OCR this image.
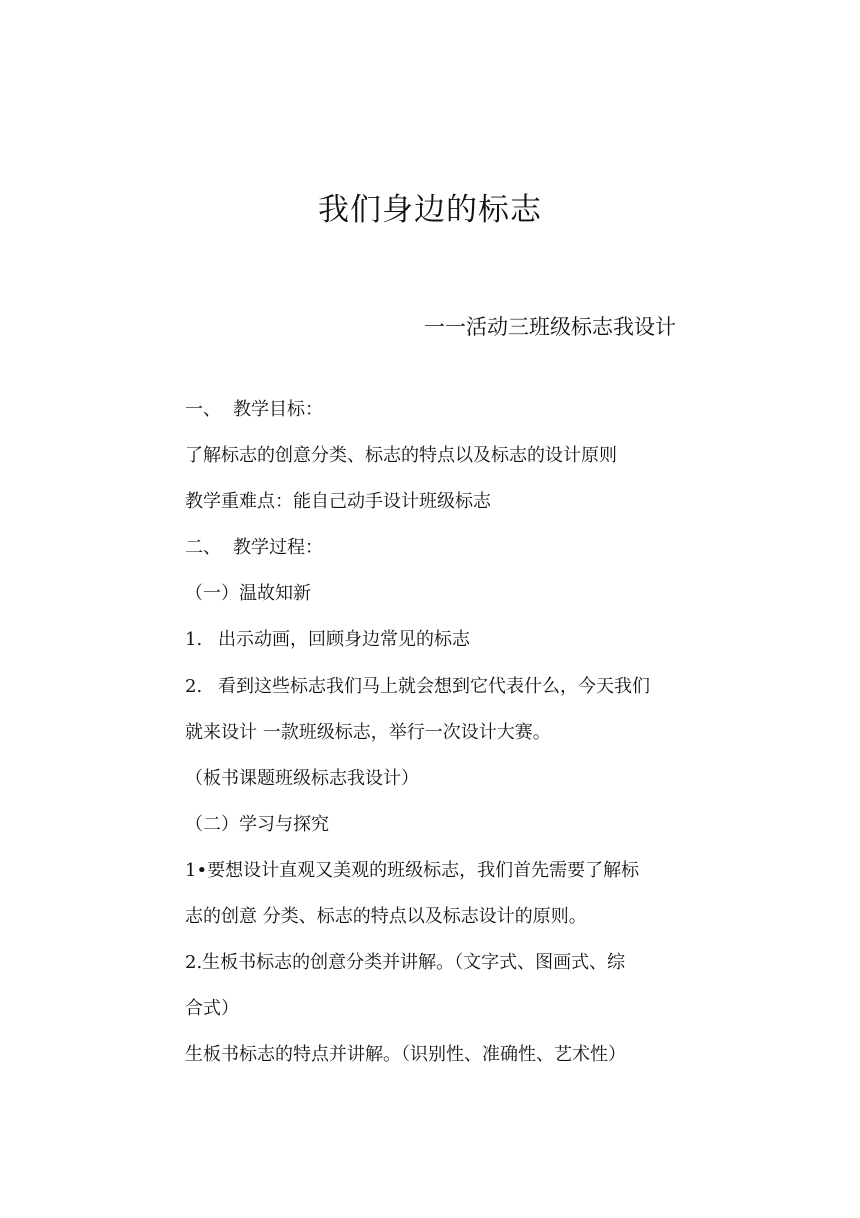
我们身边的标志
一一活动三班级标志我设计
一、 教学目标：
了解标志的创意分类、标志的特点以及标志的设计原则
教学重难点：能自己动手设计班级标志
二、 教学过程：
（一）温故知新
1. 出示动画，回顾身边常见的标志
2. 看到这些标志我们马上就会想到它代表什么，今天我们
就来设计 一款班级标志，举行一次设计大赛。
（板书课题班级标志我设计）
（二）学习与探究
1•要想设计直观又美观的班级标志，我们首先需要了解标
志的创意 分类、标志的特点以及标志设计的原则。
2.生板书标志的创意分类并讲解。（文字式、图画式、综
合式）
生板书标志的特点并讲解。（识别性、准确性、艺术性）
